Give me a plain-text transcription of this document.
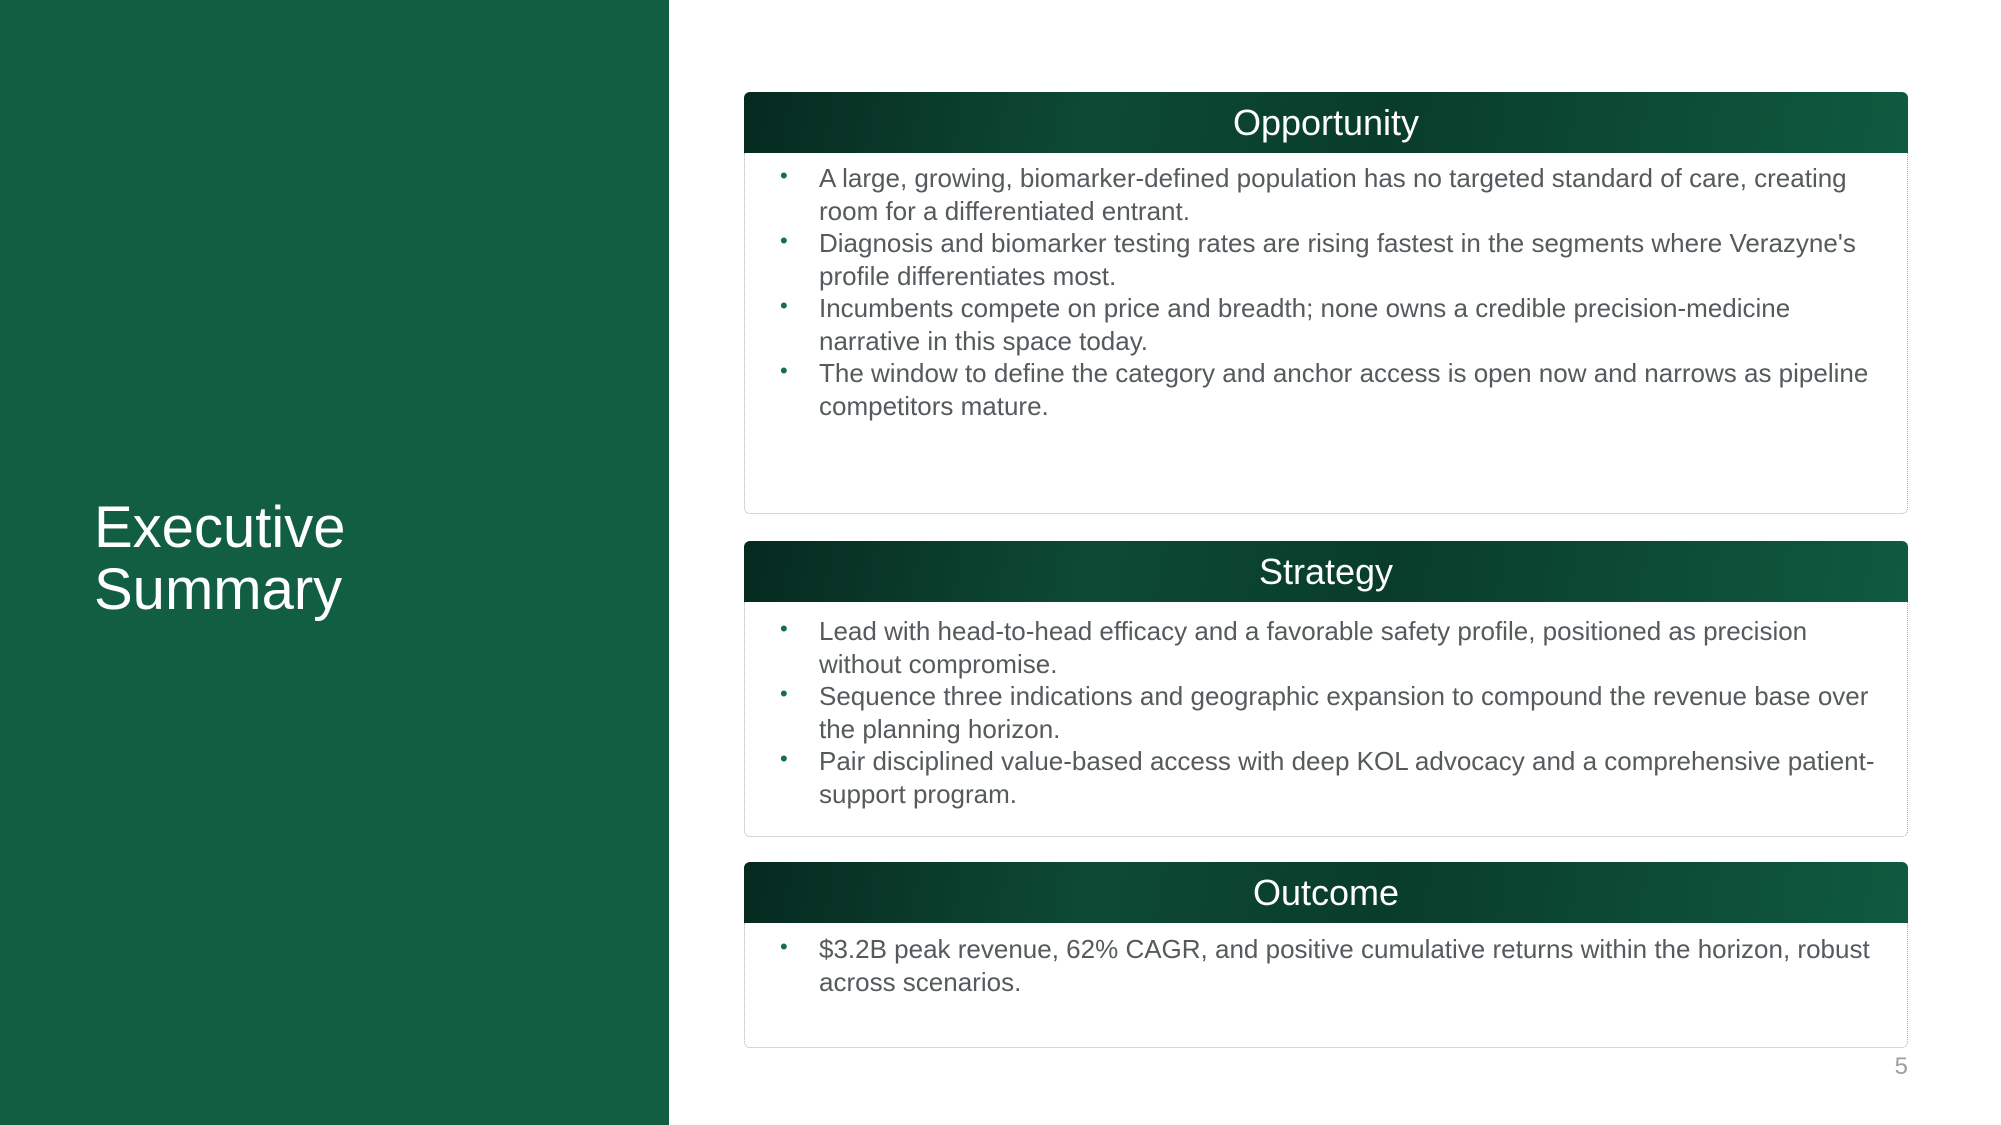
Executive
Summary
Opportunity
• A large, growing, biomarker-defined population has no targeted standard of care, creating room for a differentiated entrant.
• Diagnosis and biomarker testing rates are rising fastest in the segments where Verazyne's profile differentiates most.
• Incumbents compete on price and breadth; none owns a credible precision-medicine narrative in this space today.
• The window to define the category and anchor access is open now and narrows as pipeline competitors mature.
Strategy
• Lead with head-to-head efficacy and a favorable safety profile, positioned as precision without compromise.
• Sequence three indications and geographic expansion to compound the revenue base over the planning horizon.
• Pair disciplined value-based access with deep KOL advocacy and a comprehensive patient-support program.
Outcome
• $3.2B peak revenue, 62% CAGR, and positive cumulative returns within the horizon, robust across scenarios.
5
